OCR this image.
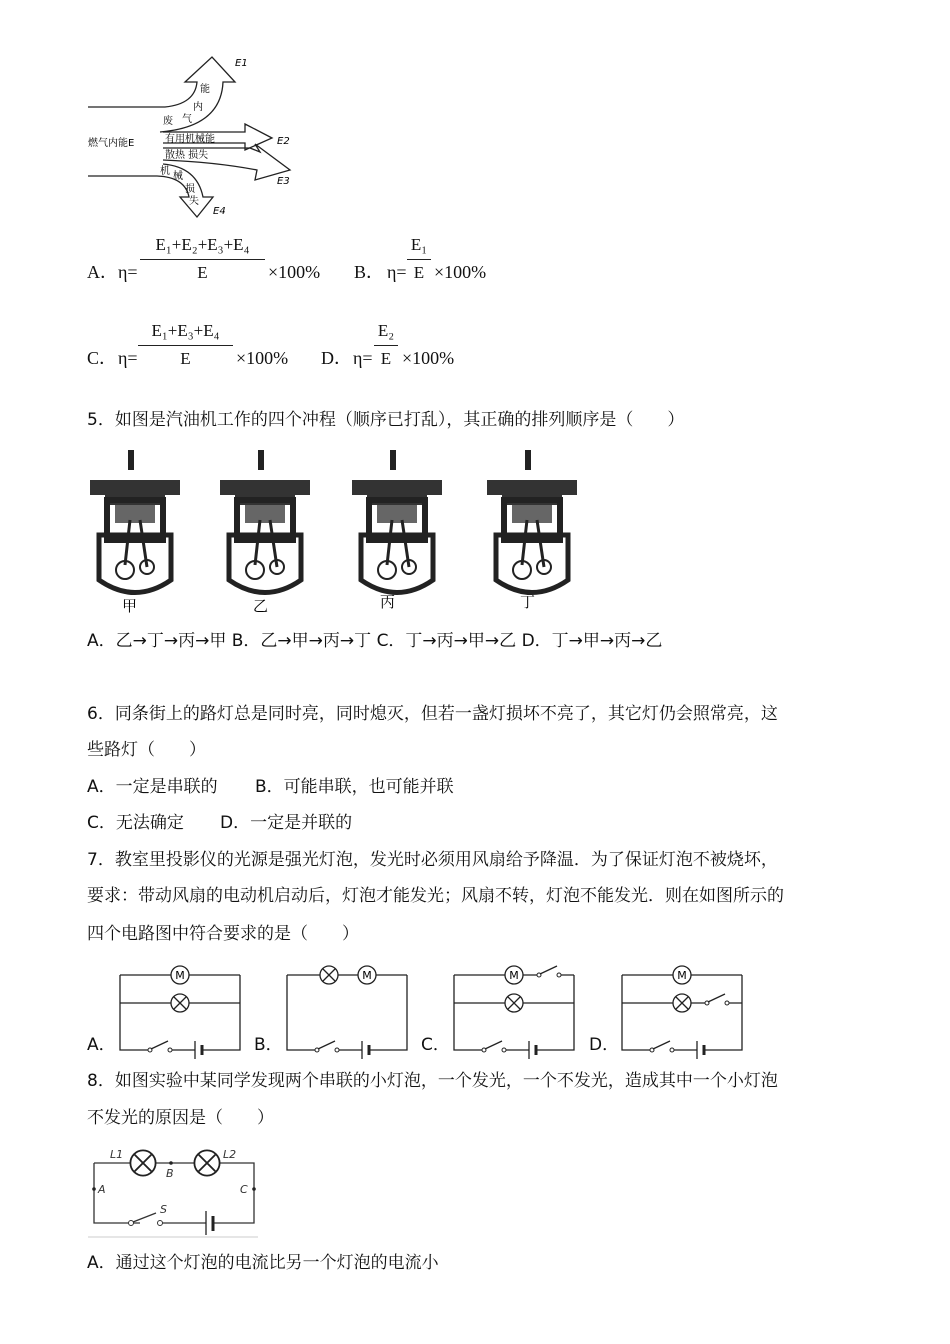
燃气内能E	有用机械能
散热 损失
能
内
气
废
机 械
损
失
E1
E2
E3
E4
A． η=
E₁+E₂+E₃+E₄
E	×100% B． η=
E₁
E ×100%
C． η=
E₁+E₃+E₄
E	×100% D． η=
E₂
E ×100%
5．如图是汽油机工作的四个冲程（顺序已打乱），其正确的排列顺序是（　　）
甲	乙	丙	丁
A．乙→丁→丙→甲 B．乙→甲→丙→丁 C．丁→丙→甲→乙 D．丁→甲→丙→乙
6．同条街上的路灯总是同时亮，同时熄灭，但若一盏灯损坏不亮了，其它灯仍会照常亮，这
些路灯（　　）
A．一定是串联的 B．可能串联，也可能并联
C．无法确定 D．一定是并联的
7．教室里投影仪的光源是强光灯泡，发光时必须用风扇给予降温．为了保证灯泡不被烧坏，
要求：带动风扇的电动机启动后，灯泡才能发光；风扇不转，灯泡不能发光．则在如图所示的
四个电路图中符合要求的是（　　）
M	M	M	M
A．	B．	C．	D．
8．如图实验中某同学发现两个串联的小灯泡，一个发光，一个不发光，造成其中一个小灯泡
不发光的原因是（　　）
L1	L2
A
B
C
S
A．通过这个灯泡的电流比另一个灯泡的电流小
